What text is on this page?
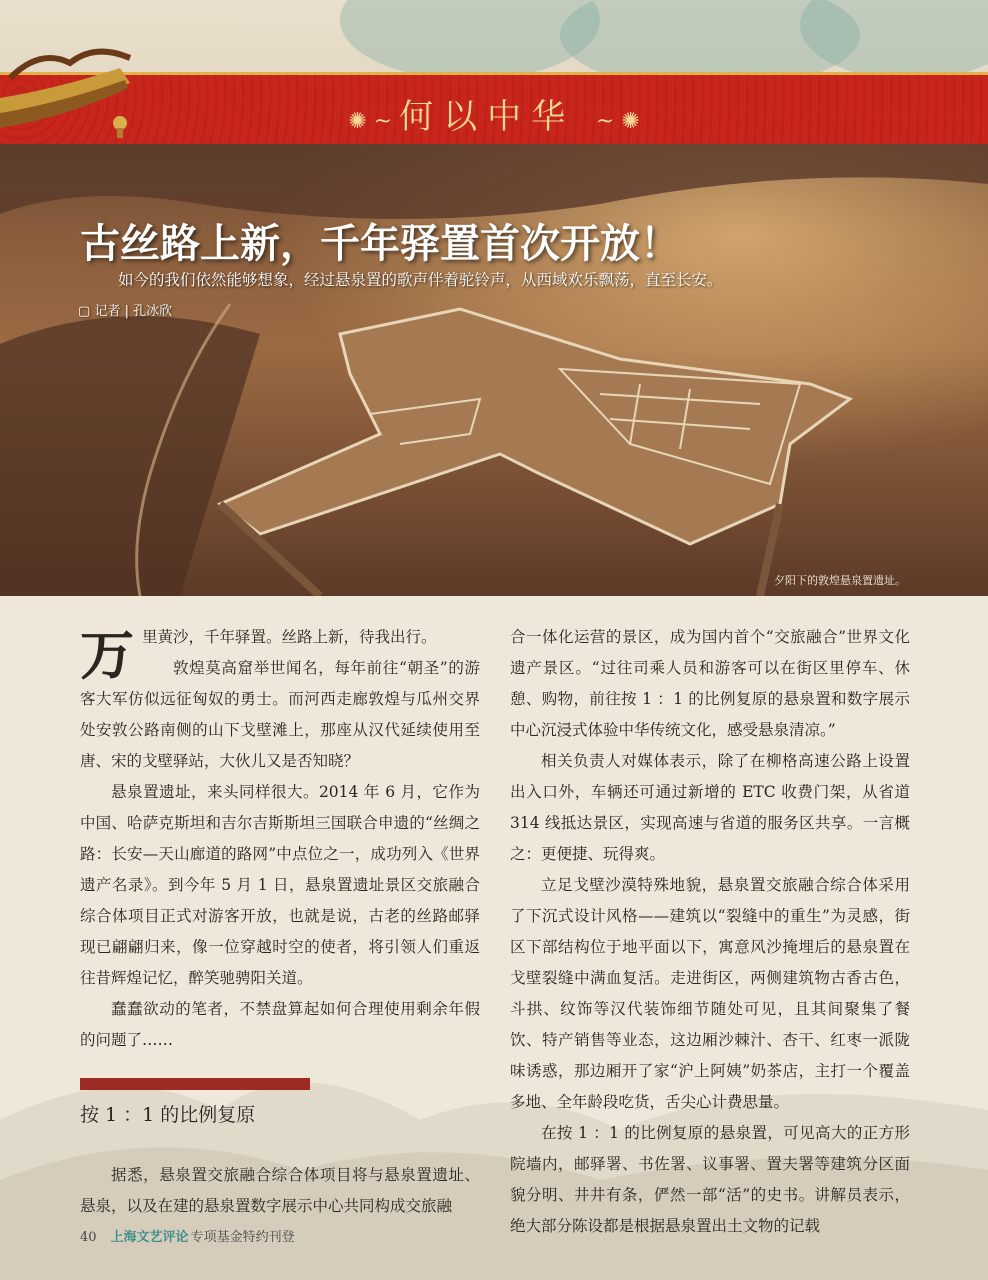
✺ ~ 何以中华 ~ ✺
古丝路上新，千年驿置首次开放！
如今的我们依然能够想象，经过悬泉置的歌声伴着驼铃声，从西域欢乐飘荡，直至长安。
▢ 记者 | 孔冰欣
夕阳下的敦煌悬泉置遗址。

万里黄沙，千年驿置。丝路上新，待我出行。

敦煌莫高窟举世闻名，每年前往“朝圣”的游客大军仿似远征匈奴的勇士。而河西走廊敦煌与瓜州交界处安敦公路南侧的山下戈壁滩上，那座从汉代延续使用至唐、宋的戈壁驿站，大伙儿又是否知晓？

悬泉置遗址，来头同样很大。2014 年 6 月，它作为中国、哈萨克斯坦和吉尔吉斯斯坦三国联合申遗的“丝绸之路：长安—天山廊道的路网”中点位之一，成功列入《世界遗产名录》。到今年 5 月 1 日，悬泉置遗址景区交旅融合综合体项目正式对游客开放，也就是说，古老的丝路邮驿现已翩翩归来，像一位穿越时空的使者，将引领人们重返往昔辉煌记忆，醉笑驰骋阳关道。

蠢蠢欲动的笔者，不禁盘算起如何合理使用剩余年假的问题了……

按 1 ：1 的比例复原

据悉，悬泉置交旅融合综合体项目将与悬泉置遗址、悬泉，以及在建的悬泉置数字展示中心共同构成交旅融

合一体化运营的景区，成为国内首个“交旅融合”世界文化遗产景区。“过往司乘人员和游客可以在街区里停车、休憩、购物，前往按 1 ：1 的比例复原的悬泉置和数字展示中心沉浸式体验中华传统文化，感受悬泉清凉。”

相关负责人对媒体表示，除了在柳格高速公路上设置出入口外，车辆还可通过新增的 ETC 收费门架，从省道 314 线抵达景区，实现高速与省道的服务区共享。一言概之：更便捷、玩得爽。

立足戈壁沙漠特殊地貌，悬泉置交旅融合综合体采用了下沉式设计风格——建筑以“裂缝中的重生”为灵感，街区下部结构位于地平面以下，寓意风沙掩埋后的悬泉置在戈壁裂缝中满血复活。走进街区，两侧建筑物古香古色，斗拱、纹饰等汉代装饰细节随处可见，且其间聚集了餐饮、特产销售等业态，这边厢沙棘汁、杏干、红枣一派陇味诱惑，那边厢开了家“沪上阿姨”奶茶店，主打一个覆盖多地、全年龄段吃货，舌尖心计费思量。

在按 1 ：1 的比例复原的悬泉置，可见高大的正方形院墙内，邮驿署、书佐署、议事署、置夫署等建筑分区面貌分明、井井有条，俨然一部“活”的史书。讲解员表示，绝大部分陈设都是根据悬泉置出土文物的记载

40 上海文艺评论 专项基金特约刊登
